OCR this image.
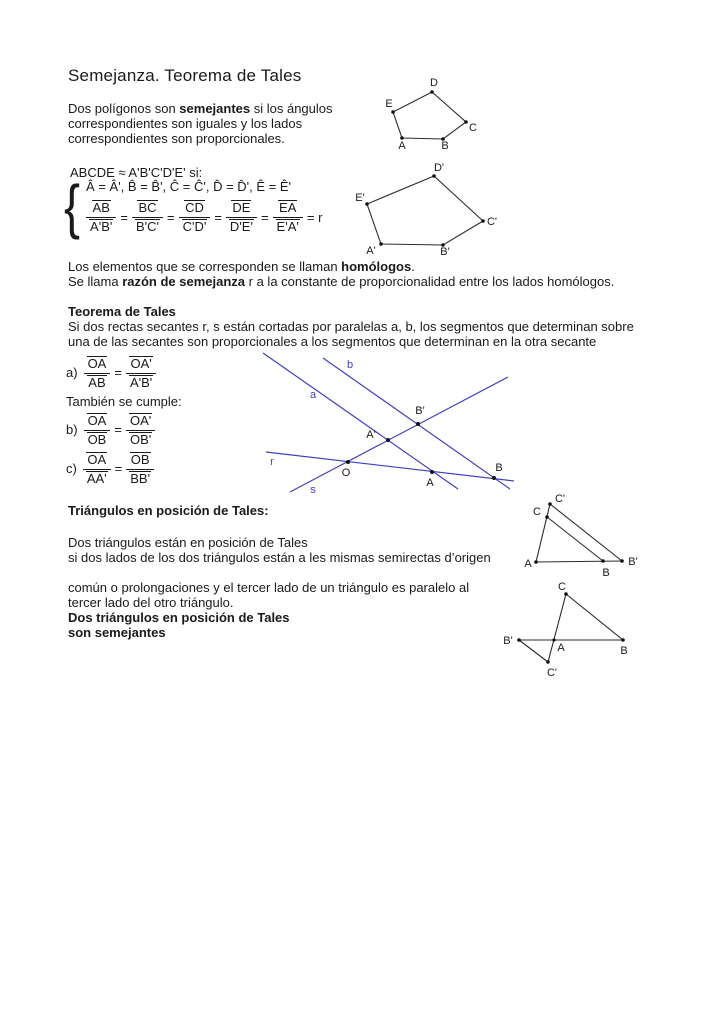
Semejanza. Teorema de Tales
Dos polígonos son semejantes si los ángulos
correspondientes son iguales y los lados
correspondientes son proporcionales.	A	B
C
D
E
ABCDE ≈ A'B'C'D'E' si:
{ Â = Â', B̂ = B̂', Ĉ = Ĉ', D̂ = D̂', Ê = Ê'
$\frac{AB}{A'B'} = \frac{BC}{B'C'} = \frac{CD}{C'D'} = \frac{DE}{D'E'} = \frac{EA}{E'A'} = r$
A'	B'
C'
D'
E'
Los elementos que se corresponden se llaman homólogos.
Se llama razón de semejanza r a la constante de proporcionalidad entre los lados homólogos.
Teorema de Tales
Si dos rectas secantes r, s están cortadas por paralelas a, b, los segmentos que determinan sobre
una de las secantes son proporcionales a los segmentos que determinan en la otra secante
$a) \frac{OA}{AB} = \frac{OA'}{A'B'}$
También se cumple:
$b) \frac{OA}{OB} = \frac{OA'}{OB'}$
$c) \frac{OA}{AA'} = \frac{OB}{BB'}$
b
a
r
s
O
A
B
A'
B'
Triángulos en posición de Tales:
Dos triángulos están en posición de Tales
si dos lados de los dos triángulos están a les mismas semirectas d’origen
común o prolongaciones y el tercer lado de un triángulo es paralelo al
tercer lado del otro triángulo.
Dos triángulos en posición de Tales
son semejantes
A
B
B'
C
C'
C
B'
A	B
C'
